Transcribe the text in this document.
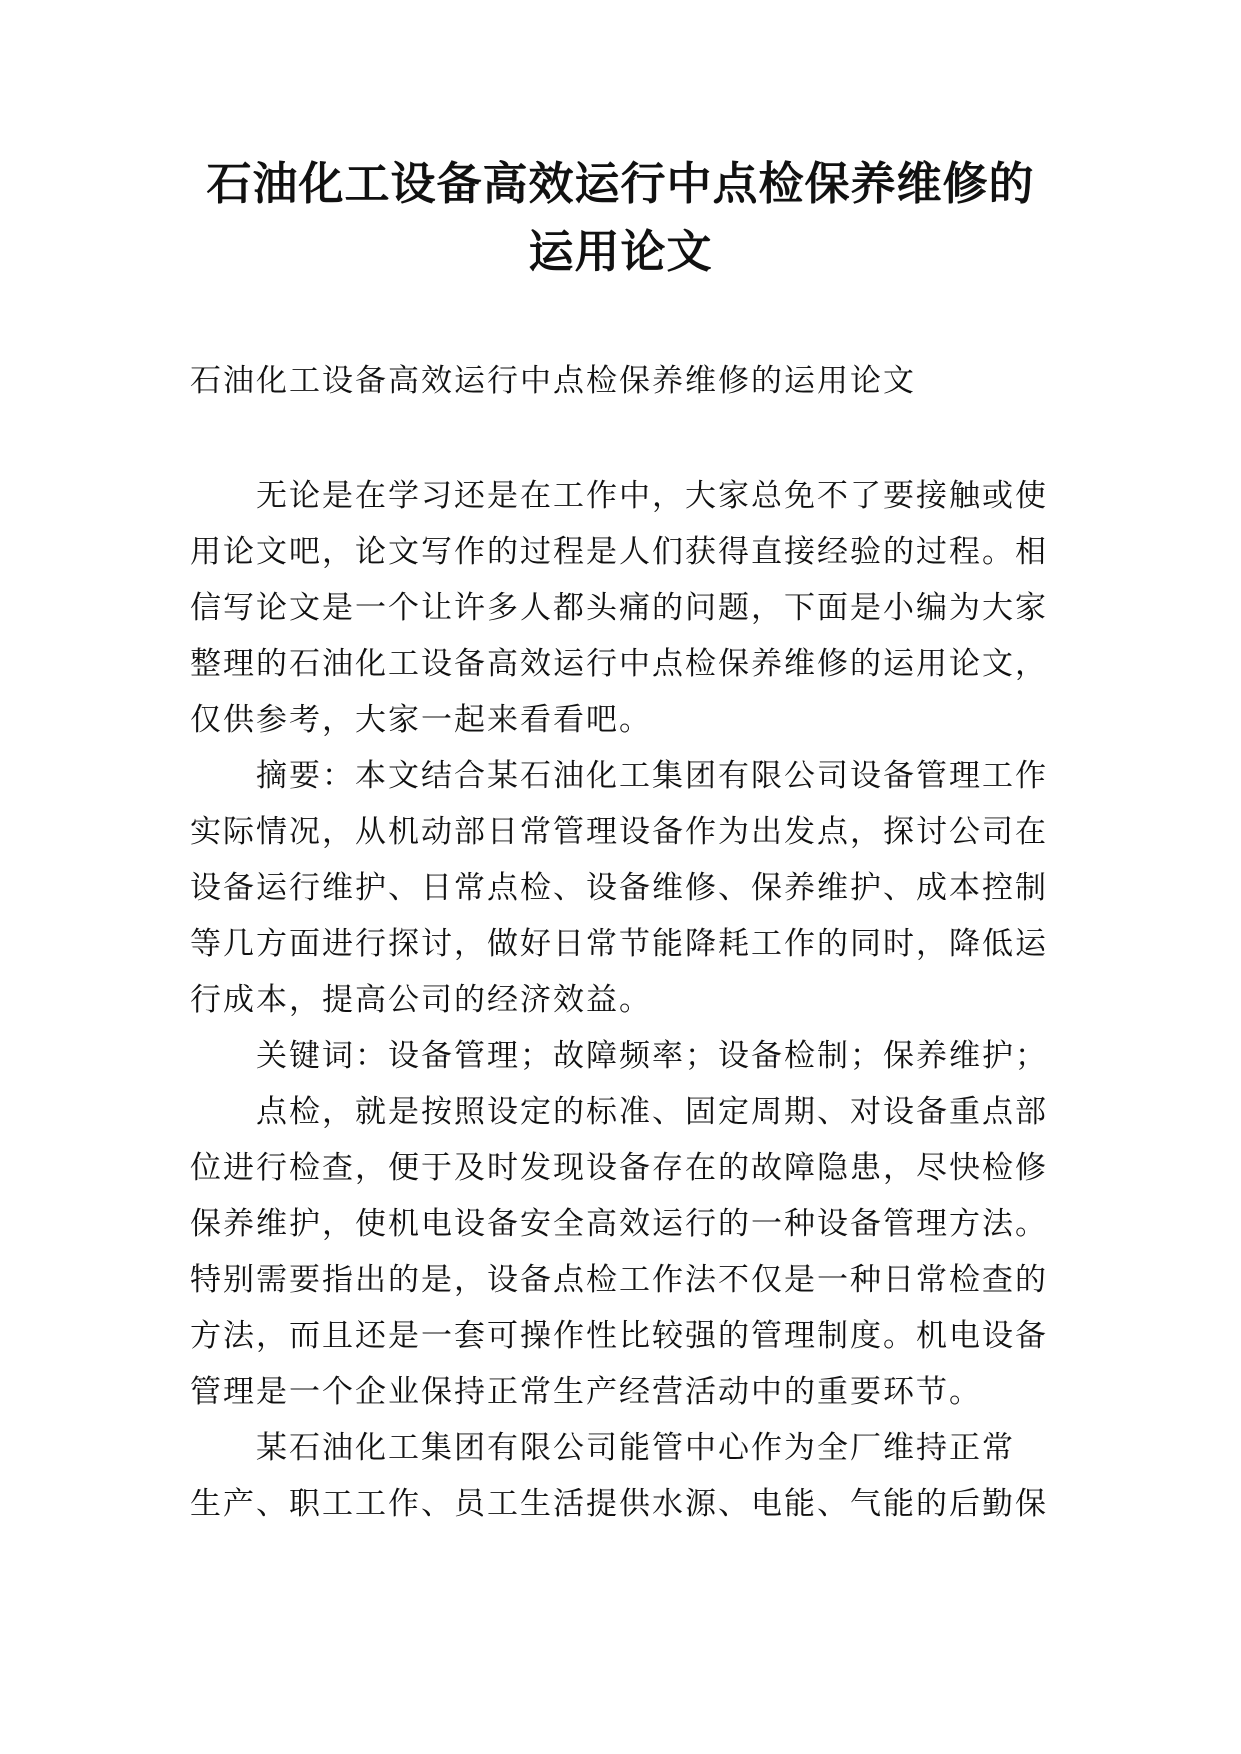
石油化工设备高效运行中点检保养维修的
运用论文

石油化工设备高效运行中点检保养维修的运用论文

无论是在学习还是在工作中，大家总免不了要接触或使
用论文吧，论文写作的过程是人们获得直接经验的过程。相
信写论文是一个让许多人都头痛的问题，下面是小编为大家
整理的石油化工设备高效运行中点检保养维修的运用论文，
仅供参考，大家一起来看看吧。
摘要：本文结合某石油化工集团有限公司设备管理工作
实际情况，从机动部日常管理设备作为出发点，探讨公司在
设备运行维护、日常点检、设备维修、保养维护、成本控制
等几方面进行探讨，做好日常节能降耗工作的同时，降低运
行成本，提高公司的经济效益。
关键词：设备管理；故障频率；设备检制；保养维护；
点检，就是按照设定的标准、固定周期、对设备重点部
位进行检查，便于及时发现设备存在的故障隐患，尽快检修
保养维护，使机电设备安全高效运行的一种设备管理方法。
特别需要指出的是，设备点检工作法不仅是一种日常检查的
方法，而且还是一套可操作性比较强的管理制度。机电设备
管理是一个企业保持正常生产经营活动中的重要环节。
某石油化工集团有限公司能管中心作为全厂维持正常
生产、职工工作、员工生活提供水源、电能、气能的后勤保
